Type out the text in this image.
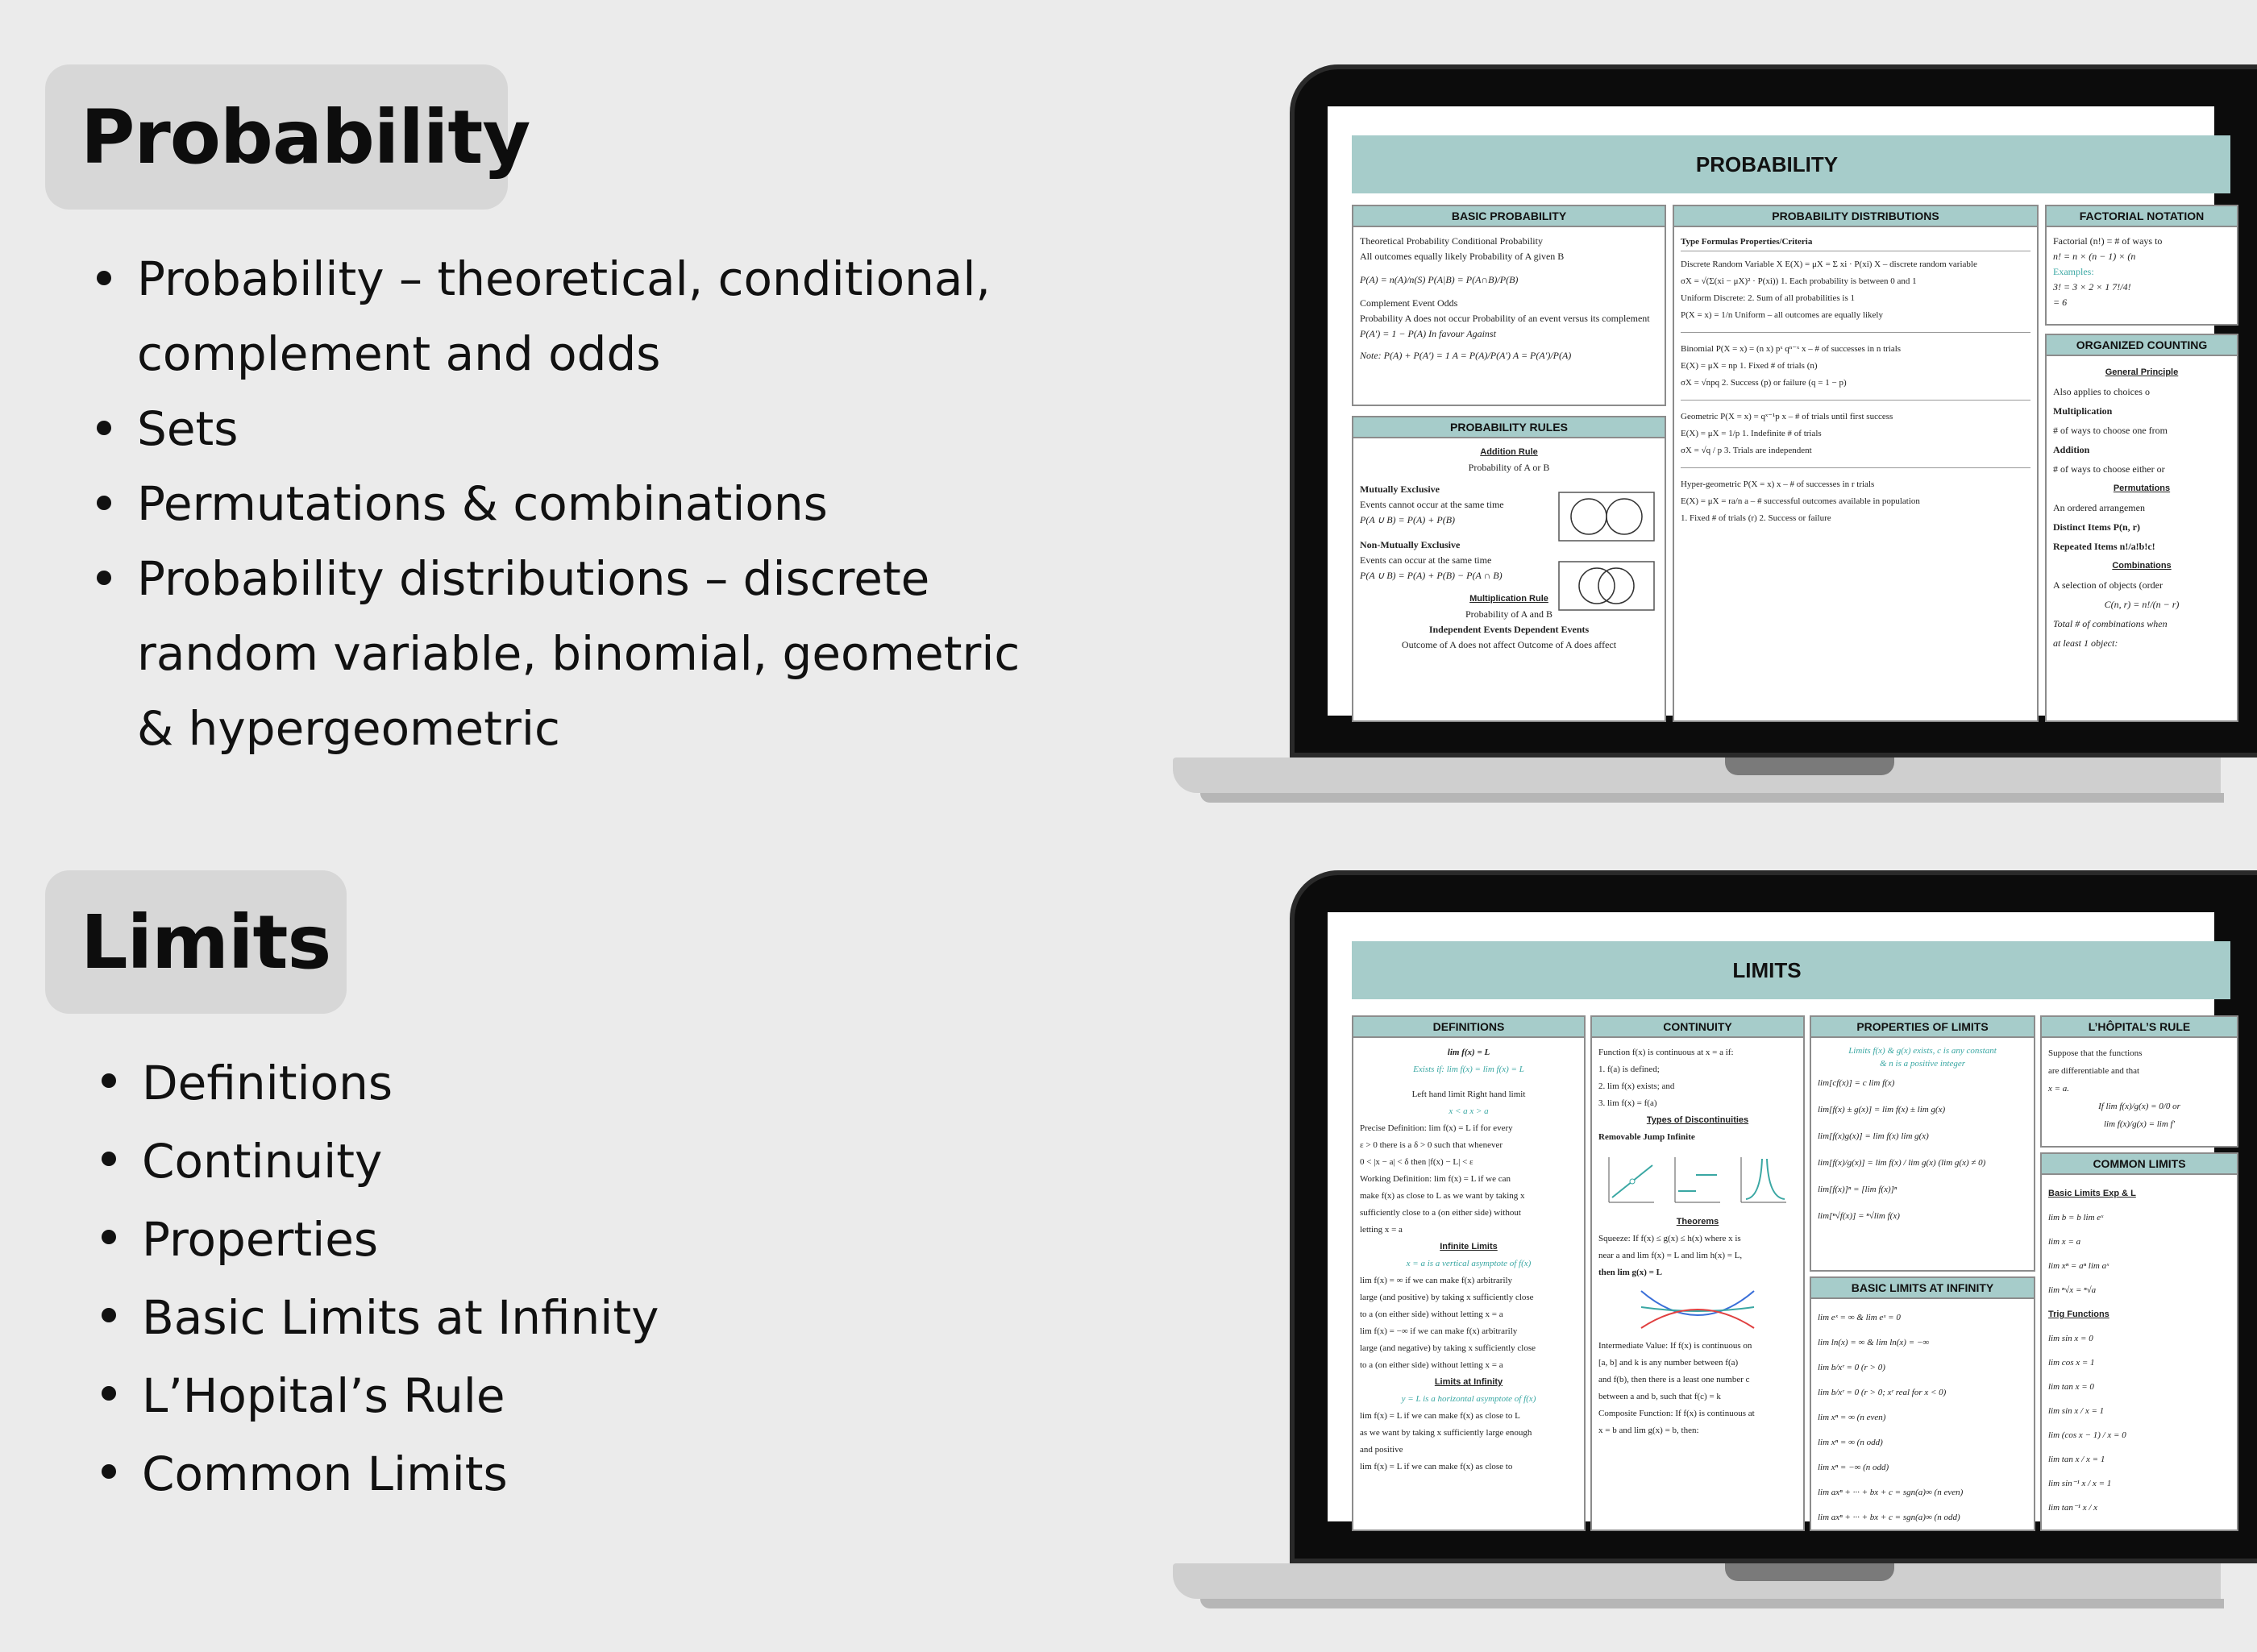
Probability
Probability – theoretical, conditional, complement and odds
Sets
Permutations & combinations
Probability distributions – discrete random variable, binomial, geometric & hypergeometric
PROBABILITY
BASIC PROBABILITY
Theoretical Probability Conditional Probability
All outcomes equally likely Probability of A given B
P(A) = n(A)/n(S) P(A|B) = P(A∩B)/P(B)
Complement Event Odds
Probability A does not occur Probability of an event versus its complement
P(A′) = 1 − P(A) In favour Against
Note: P(A) + P(A′) = 1 A = P(A)/P(A′) A = P(A′)/P(A)
PROBABILITY RULES
Addition Rule
Probability of A or B
Mutually Exclusive
Events cannot occur at the same time
P(A ∪ B) = P(A) + P(B)
Non-Mutually Exclusive
Events can occur at the same time
P(A ∪ B) = P(A) + P(B) − P(A ∩ B)
Multiplication Rule
Probability of A and B
Independent Events Dependent Events
Outcome of A does not affect Outcome of A does affect
PROBABILITY DISTRIBUTIONS
Type Formulas Properties/Criteria
Discrete Random Variable X E(X) = μX = Σ xi · P(xi) X – discrete random variable
σX = √(Σ(xi − μX)² · P(xi)) 1. Each probability is between 0 and 1
Uniform Discrete: 2. Sum of all probabilities is 1
P(X = x) = 1/n Uniform – all outcomes are equally likely
Binomial P(X = x) = (n x) pˣ qⁿ⁻ˣ x – # of successes in n trials
E(X) = μX = np 1. Fixed # of trials (n)
σX = √npq 2. Success (p) or failure (q = 1 − p)
Geometric P(X = x) = qˣ⁻¹p x – # of trials until first success
E(X) = μX = 1/p 1. Indefinite # of trials
σX = √q / p 3. Trials are independent
Hyper-geometric P(X = x) x – # of successes in r trials
E(X) = μX = ra/n a – # successful outcomes available in population
1. Fixed # of trials (r) 2. Success or failure
FACTORIAL NOTATION
Factorial (n!) = # of ways to
n! = n × (n − 1) × (n
Examples:
3! = 3 × 2 × 1 7!/4!
= 6
ORGANIZED COUNTING
General Principle
Also applies to choices o
Multiplication
# of ways to choose one from
Addition
# of ways to choose either or
Permutations
An ordered arrangemen
Distinct Items P(n, r)
Repeated Items n!/a!b!c!
Combinations
A selection of objects (order
C(n, r) = n!/(n − r)
Total # of combinations when
at least 1 object:
Limits
Definitions
Continuity
Properties
Basic Limits at Infinity
L’Hopital’s Rule
Common Limits
LIMITS
DEFINITIONS
lim f(x) = L
Exists if: lim f(x) = lim f(x) = L
Left hand limit Right hand limit
x < a x > a
Precise Definition: lim f(x) = L if for every
ε > 0 there is a δ > 0 such that whenever
0 < |x − a| < δ then |f(x) − L| < ε
Working Definition: lim f(x) = L if we can
make f(x) as close to L as we want by taking x
sufficiently close to a (on either side) without
letting x = a
Infinite Limits
x = a is a vertical asymptote of f(x)
lim f(x) = ∞ if we can make f(x) arbitrarily
large (and positive) by taking x sufficiently close
to a (on either side) without letting x = a
lim f(x) = −∞ if we can make f(x) arbitrarily
large (and negative) by taking x sufficiently close
to a (on either side) without letting x = a
Limits at Infinity
y = L is a horizontal asymptote of f(x)
lim f(x) = L if we can make f(x) as close to L
as we want by taking x sufficiently large enough
and positive
lim f(x) = L if we can make f(x) as close to
CONTINUITY
Function f(x) is continuous at x = a if:
1. f(a) is defined;
2. lim f(x) exists; and
3. lim f(x) = f(a)
Types of Discontinuities
Removable Jump Infinite
Theorems
Squeeze: If f(x) ≤ g(x) ≤ h(x) where x is
near a and lim f(x) = L and lim h(x) = L,
then lim g(x) = L
Intermediate Value: If f(x) is continuous on
[a, b] and k is any number between f(a)
and f(b), then there is a least one number c
between a and b, such that f(c) = k
Composite Function: If f(x) is continuous at
x = b and lim g(x) = b, then:
PROPERTIES OF LIMITS
Limits f(x) & g(x) exists, c is any constant
& n is a positive integer
lim[cf(x)] = c lim f(x)
lim[f(x) ± g(x)] = lim f(x) ± lim g(x)
lim[f(x)g(x)] = lim f(x) lim g(x)
lim[f(x)/g(x)] = lim f(x) / lim g(x) (lim g(x) ≠ 0)
lim[f(x)]ⁿ = [lim f(x)]ⁿ
lim[ⁿ√f(x)] = ⁿ√lim f(x)
BASIC LIMITS AT INFINITY
lim eˣ = ∞ & lim eˣ = 0
lim ln(x) = ∞ & lim ln(x) = −∞
lim b/xʳ = 0 (r > 0)
lim b/xʳ = 0 (r > 0; xʳ real for x < 0)
lim xⁿ = ∞ (n even)
lim xⁿ = ∞ (n odd)
lim xⁿ = −∞ (n odd)
lim axⁿ + ··· + bx + c = sgn(a)∞ (n even)
lim axⁿ + ··· + bx + c = sgn(a)∞ (n odd)
L’HÔPITAL’S RULE
Suppose that the functions
are differentiable and that
x = a.
If lim f(x)/g(x) = 0/0 or
lim f(x)/g(x) = lim f′
COMMON LIMITS
Basic Limits Exp & L
lim b = b lim eˣ
lim x = a
lim xⁿ = aⁿ lim aˣ
lim ⁿ√x = ⁿ√a
Trig Functions
lim sin x = 0
lim cos x = 1
lim tan x = 0
lim sin x / x = 1
lim (cos x − 1) / x = 0
lim tan x / x = 1
lim sin⁻¹ x / x = 1
lim tan⁻¹ x / x
